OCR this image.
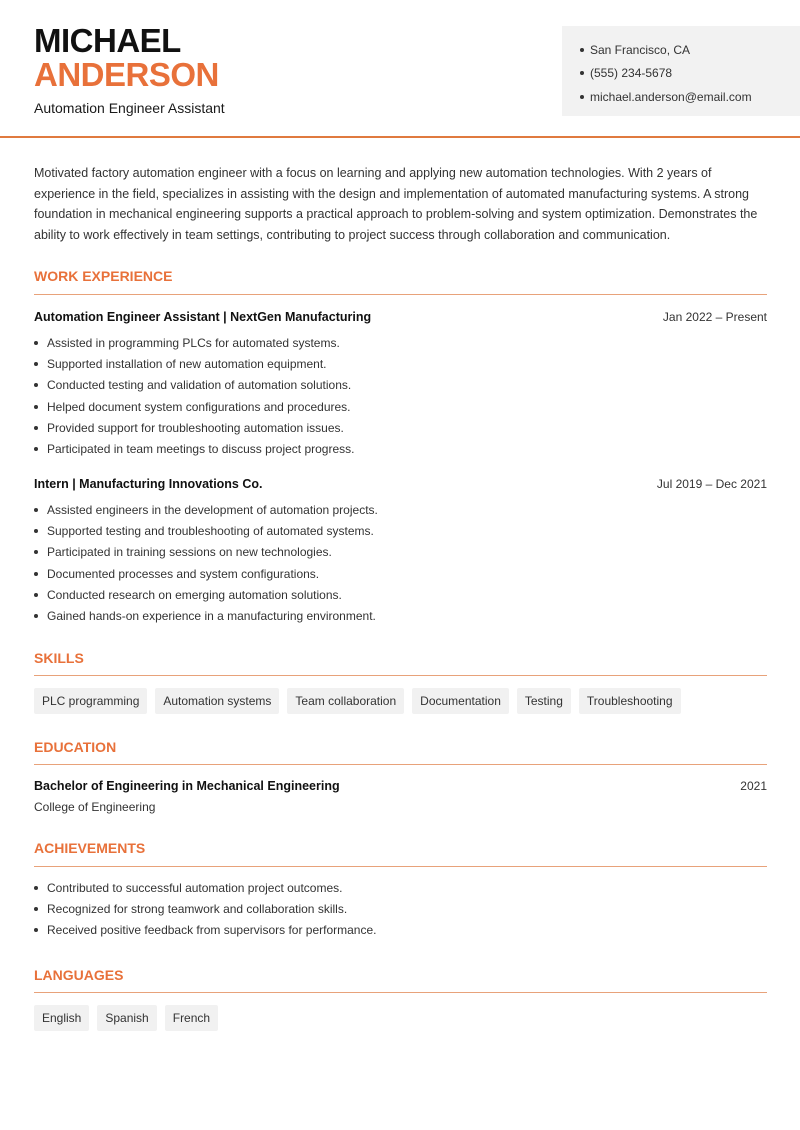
MICHAEL
ANDERSON
Automation Engineer Assistant
San Francisco, CA
(555) 234-5678
michael.anderson@email.com

Motivated factory automation engineer with a focus on learning and applying new automation technologies. With 2 years of experience in the field, specializes in assisting with the design and implementation of automated manufacturing systems. A strong foundation in mechanical engineering supports a practical approach to problem-solving and system optimization. Demonstrates the ability to work effectively in team settings, contributing to project success through collaboration and communication.

WORK EXPERIENCE
Automation Engineer Assistant | NextGen Manufacturing	Jan 2022 – Present
Assisted in programming PLCs for automated systems.
Supported installation of new automation equipment.
Conducted testing and validation of automation solutions.
Helped document system configurations and procedures.
Provided support for troubleshooting automation issues.
Participated in team meetings to discuss project progress.
Intern | Manufacturing Innovations Co.	Jul 2019 – Dec 2021
Assisted engineers in the development of automation projects.
Supported testing and troubleshooting of automated systems.
Participated in training sessions on new technologies.
Documented processes and system configurations.
Conducted research on emerging automation solutions.
Gained hands-on experience in a manufacturing environment.
SKILLS
PLC programming	Automation systems	Team collaboration	Documentation	Testing	Troubleshooting
EDUCATION
Bachelor of Engineering in Mechanical Engineering	2021
College of Engineering
ACHIEVEMENTS
Contributed to successful automation project outcomes.
Recognized for strong teamwork and collaboration skills.
Received positive feedback from supervisors for performance.
LANGUAGES
English	Spanish	French
